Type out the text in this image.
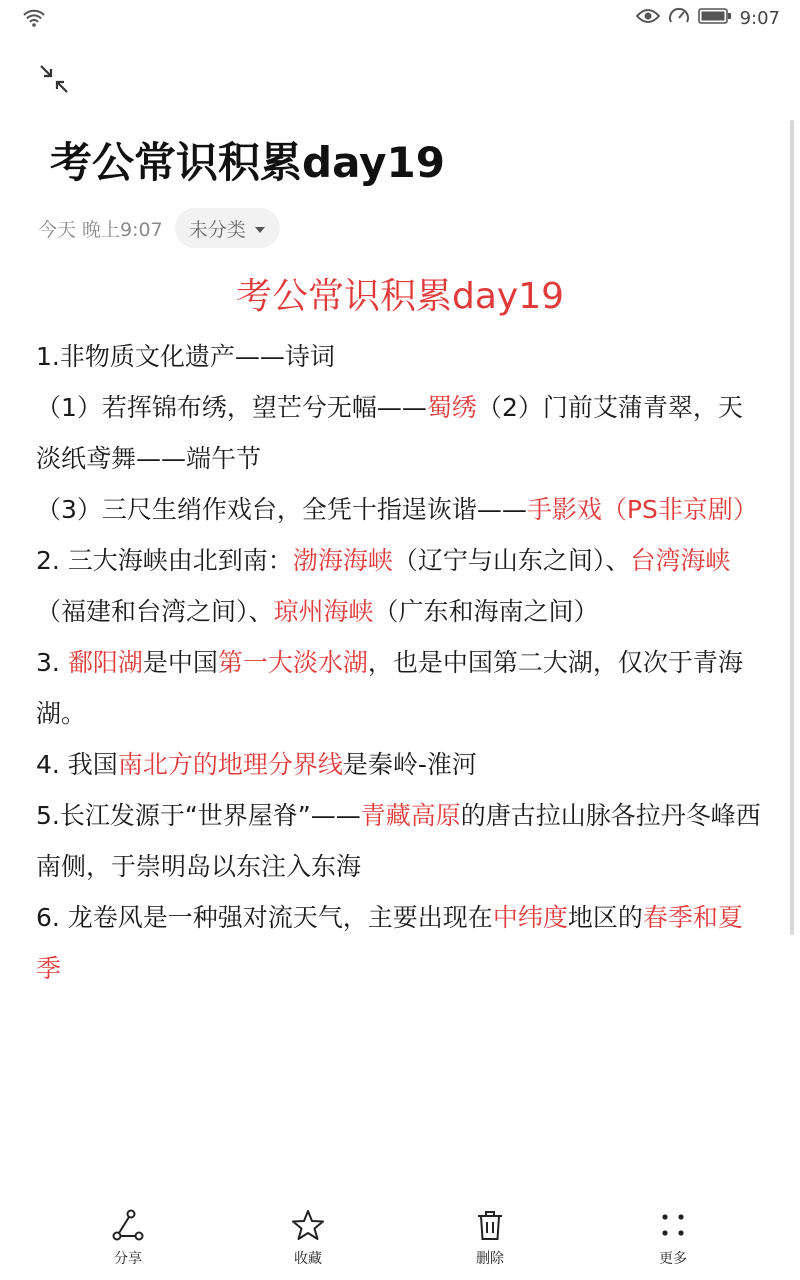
9:07
考公常识积累day19
今天 晚上9:07 未分类
考公常识积累day19

1.非物质文化遗产——诗词

（1）若挥锦布绣，望芒兮无幅——蜀绣（2）门前艾蒲青翠，天淡纸鸢舞——端午节

（3）三尺生绡作戏台，全凭十指逞诙谐——手影戏（PS非京剧）

2. 三大海峡由北到南：渤海海峡（辽宁与山东之间）、台湾海峡（福建和台湾之间）、琼州海峡（广东和海南之间）

3. 鄱阳湖是中国第一大淡水湖，也是中国第二大湖，仅次于青海湖。

4. 我国南北方的地理分界线是秦岭-淮河

5.长江发源于“世界屋脊”——青藏高原的唐古拉山脉各拉丹冬峰西南侧，于崇明岛以东注入东海

6. 龙卷风是一种强对流天气，主要出现在中纬度地区的春季和夏季

分享	收藏	删除	更多
